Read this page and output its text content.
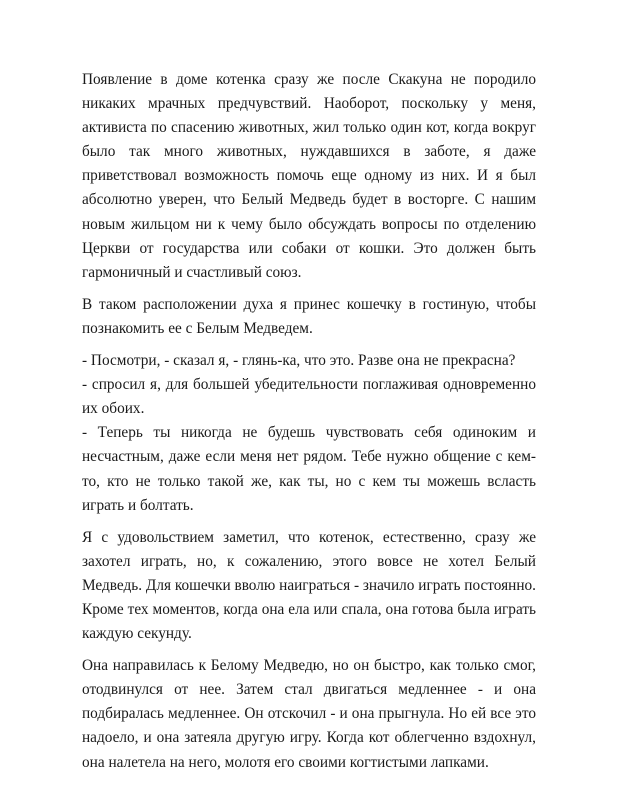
Появление в доме котенка сразу же после Скакуна не породило никаких мрачных предчувствий. Наоборот, поскольку у меня, активиста по спасению животных, жил только один кот, когда вокруг было так много животных, нуждавшихся в заботе, я даже приветствовал возможность помочь еще одному из них. И я был абсолютно уверен, что Белый Медведь будет в восторге. С нашим новым жильцом ни к чему было обсуждать вопросы по отделению Церкви от государства или собаки от кошки. Это должен быть гармоничный и счастливый союз.

В таком расположении духа я принес кошечку в гостиную, чтобы познакомить ее с Белым Медведем.

- Посмотри, - сказал я, - глянь-ка, что это. Разве она не прекрасна?

- спросил я, для большей убедительности поглаживая одновременно их обоих.

- Теперь ты никогда не будешь чувствовать себя одиноким и несчастным, даже если меня нет рядом. Тебе нужно общение с кем-то, кто не только такой же, как ты, но с кем ты можешь всласть играть и болтать.

Я с удовольствием заметил, что котенок, естественно, сразу же захотел играть, но, к сожалению, этого вовсе не хотел Белый Медведь. Для кошечки вволю наиграться - значило играть постоянно. Кроме тех моментов, когда она ела или спала, она готова была играть каждую секунду.

Она направилась к Белому Медведю, но он быстро, как только смог, отодвинулся от нее. Затем стал двигаться медленнее - и она подбиралась медленнее. Он отскочил - и она прыгнула. Но ей все это надоело, и она затеяла другую игру. Когда кот облегченно вздохнул, она налетела на него, молотя его своими когтистыми лапками.
